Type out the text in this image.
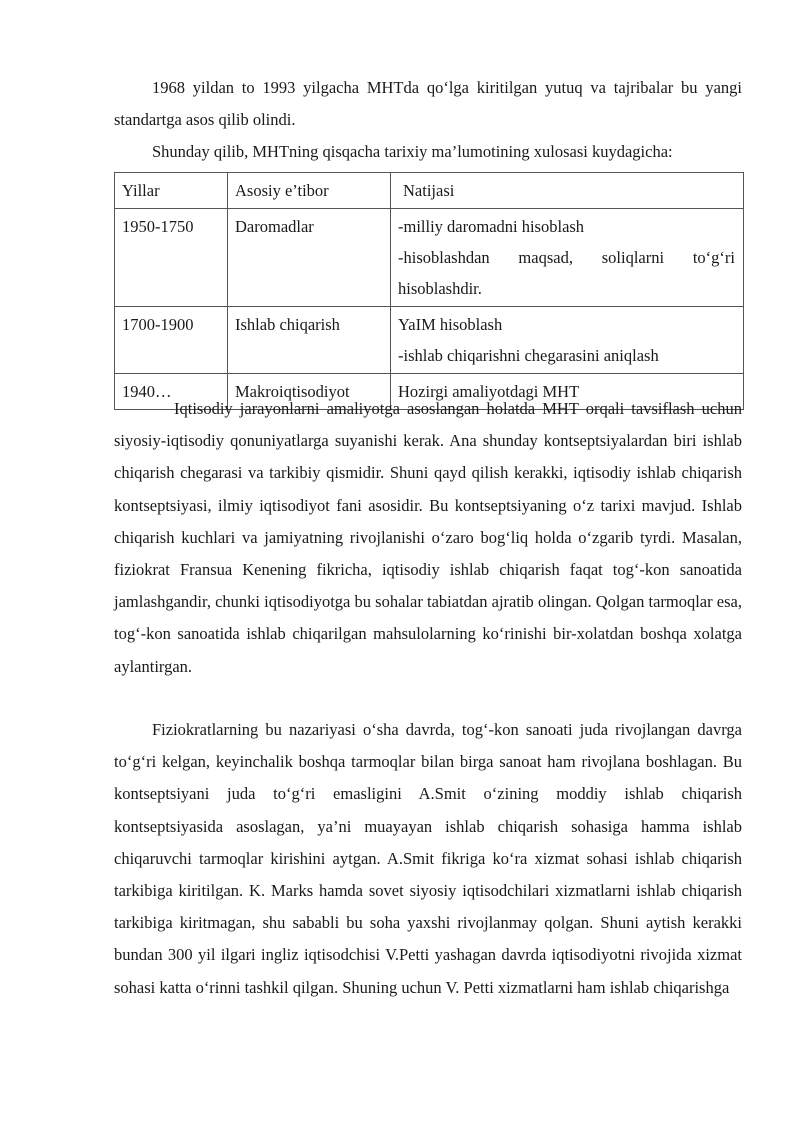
1968 yildan to 1993 yilgacha MHTda qo‘lga kiritilgan yutuq va tajribalar bu yangi standartga asos qilib olindi.

Shunday qilib, MHTning qisqacha tarixiy ma’lumotining xulosasi kuydagicha:

Yillar	Asosiy e’tibor	Natijasi
1950-1750	Daromadlar	-milliy daromadni hisoblash
-hisoblashdan maqsad, soliqlarni to‘g‘ri
hisoblashdir.

1700-1900	Ishlab chiqarish	YaIM hisoblash
-ishlab chiqarishni chegarasini aniqlash

1940…	Makroiqtisodiyot	Hozirgi amaliyotdagi MHT

Iqtisodiy jarayonlarni amaliyotga asoslangan holatda MHT orqali tavsiflash uchun siyosiy-iqtisodiy qonuniyatlarga suyanishi kerak. Ana shunday kontseptsiyalardan biri ishlab chiqarish chegarasi va tarkibiy qismidir. Shuni qayd qilish kerakki, iqtisodiy ishlab chiqarish kontseptsiyasi, ilmiy iqtisodiyot fani asosidir. Bu kontseptsiyaning o‘z tarixi mavjud. Ishlab chiqarish kuchlari va jamiyatning rivojlanishi o‘zaro bog‘liq holda o‘zgarib tyrdi. Masalan, fiziokrat Fransua Kenening fikricha, iqtisodiy ishlab chiqarish faqat tog‘-kon sanoatida jamlashgandir, chunki iqtisodiyotga bu sohalar tabiatdan ajratib olingan. Qolgan tarmoqlar esa, tog‘-kon sanoatida ishlab chiqarilgan mahsulolarning ko‘rinishi bir-xolatdan boshqa xolatga aylantirgan.

Fiziokratlarning bu nazariyasi o‘sha davrda, tog‘-kon sanoati juda rivojlangan davrga to‘g‘ri kelgan, keyinchalik boshqa tarmoqlar bilan birga sanoat ham rivojlana boshlagan. Bu kontseptsiyani juda to‘g‘ri emasligini A.Smit o‘zining moddiy ishlab chiqarish kontseptsiyasida asoslagan, ya’ni muayayan ishlab chiqarish sohasiga hamma ishlab chiqaruvchi tarmoqlar kirishini aytgan. A.Smit fikriga ko‘ra xizmat sohasi ishlab chiqarish tarkibiga kiritilgan. K. Marks hamda sovet siyosiy iqtisodchilari xizmatlarni ishlab chiqarish tarkibiga kiritmagan, shu sababli bu soha yaxshi rivojlanmay qolgan. Shuni aytish kerakki bundan 300 yil ilgari ingliz iqtisodchisi V.Petti yashagan davrda iqtisodiyotni rivojida xizmat sohasi katta o‘rinni tashkil qilgan. Shuning uchun V. Petti xizmatlarni ham ishlab chiqarishga
